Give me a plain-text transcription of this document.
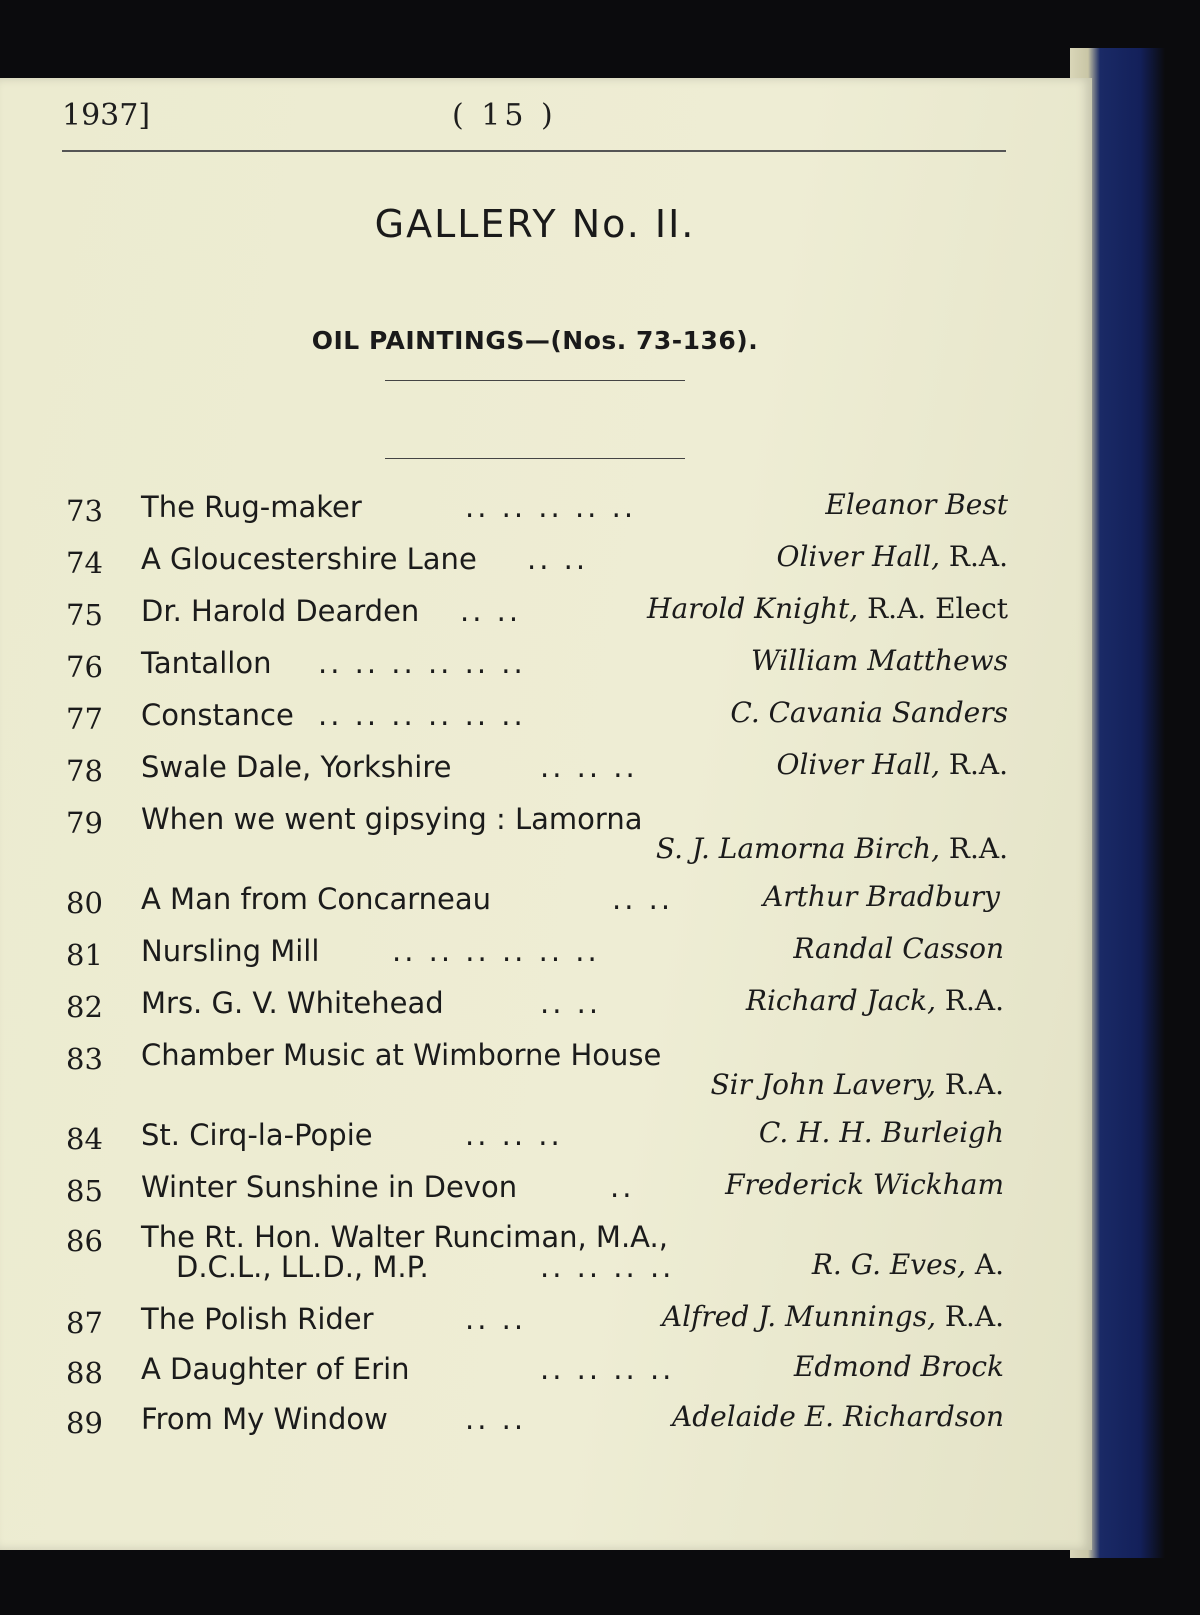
1937]	( 15 )
GALLERY No. II.
OIL PAINTINGS—(Nos. 73-136).
73 The Rug-maker	.. .. .. .. ..	Eleanor Best
74 A Gloucestershire Lane .. ..	Oliver Hall, R.A.
75 Dr. Harold Dearden .. ..	Harold Knight, R.A. Elect
76 Tantallon .. .. .. .. .. ..	William Matthews
77 Constance .. .. .. .. .. ..	C. Cavania Sanders
78 Swale Dale, Yorkshire	.. .. ..	Oliver Hall, R.A.
79 When we went gipsying : Lamorna
S. J. Lamorna Birch, R.A.
80 A Man from Concarneau	.. ..	Arthur Bradbury
81 Nursling Mill	.. .. .. .. .. ..	Randal Casson
82 Mrs. G. V. Whitehead	.. ..	Richard Jack, R.A.
83 Chamber Music at Wimborne House
Sir John Lavery, R.A.
84 St. Cirq-la-Popie	.. .. ..	C. H. H. Burleigh
85 Winter Sunshine in Devon	..	Frederick Wickham
86 The Rt. Hon. Walter Runciman, M.A.,
D.C.L., LL.D., M.P.	.. .. .. ..	R. G. Eves, A.
87 The Polish Rider	.. ..	Alfred J. Munnings, R.A.
88 A Daughter of Erin	.. .. .. ..	Edmond Brock
89 From My Window	.. ..	Adelaide E. Richardson
